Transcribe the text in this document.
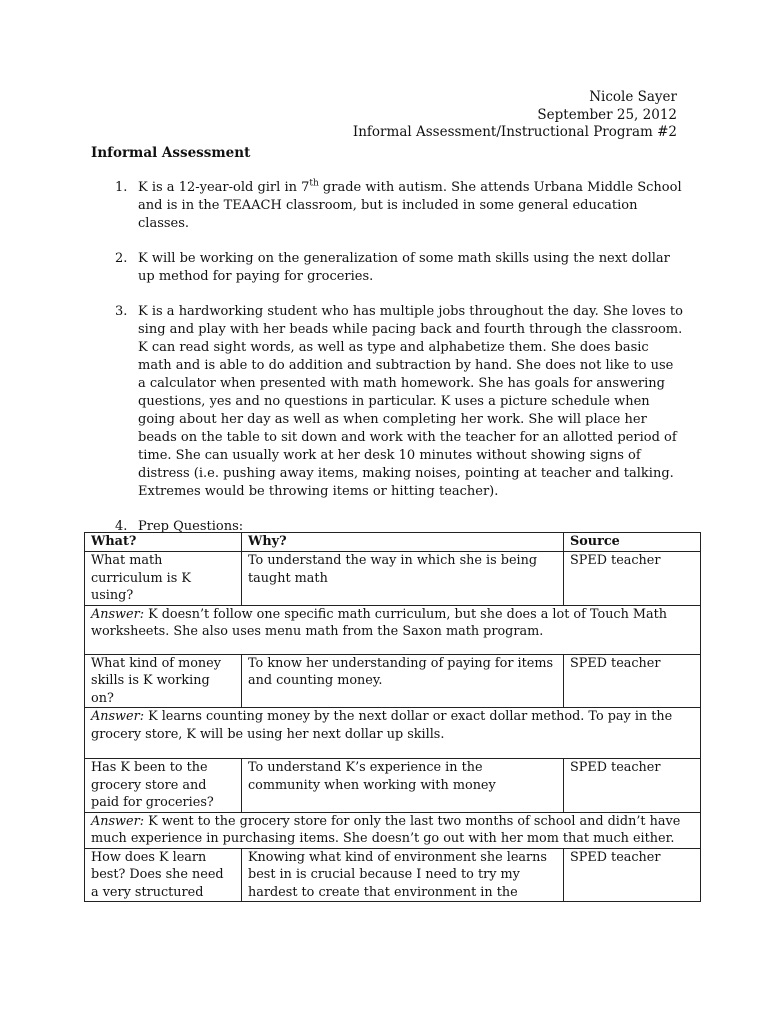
Nicole Sayer
September 25, 2012
Informal Assessment/Instructional Program #2
Informal Assessment
1. K is a 12-year-old girl in 7th grade with autism. She attends Urbana Middle School and is in the TEAACH classroom, but is included in some general education classes.
2. K will be working on the generalization of some math skills using the next dollar up method for paying for groceries.
3. K is a hardworking student who has multiple jobs throughout the day. She loves to sing and play with her beads while pacing back and fourth through the classroom. K can read sight words, as well as type and alphabetize them. She does basic math and is able to do addition and subtraction by hand. She does not like to use a calculator when presented with math homework. She has goals for answering questions, yes and no questions in particular. K uses a picture schedule when going about her day as well as when completing her work. She will place her beads on the table to sit down and work with the teacher for an allotted period of time. She can usually work at her desk 10 minutes without showing signs of distress (i.e. pushing away items, making noises, pointing at teacher and talking. Extremes would be throwing items or hitting teacher).
4. Prep Questions:
What?	Why?	Source
What math curriculum is K using?	To understand the way in which she is being taught math	SPED teacher
Answer: K doesn’t follow one specific math curriculum, but she does a lot of Touch Math worksheets. She also uses menu math from the Saxon math program.		
What kind of money skills is K working on?	To know her understanding of paying for items and counting money.	SPED teacher
Answer: K learns counting money by the next dollar or exact dollar method. To pay in the grocery store, K will be using her next dollar up skills.		
Has K been to the grocery store and paid for groceries?	To understand K’s experience in the community when working with money	SPED teacher
Answer: K went to the grocery store for only the last two months of school and didn’t have much experience in purchasing items. She doesn’t go out with her mom that much either.		
How does K learn best? Does she need a very structured	Knowing what kind of environment she learns best in is crucial because I need to try my hardest to create that environment in the	SPED teacher
